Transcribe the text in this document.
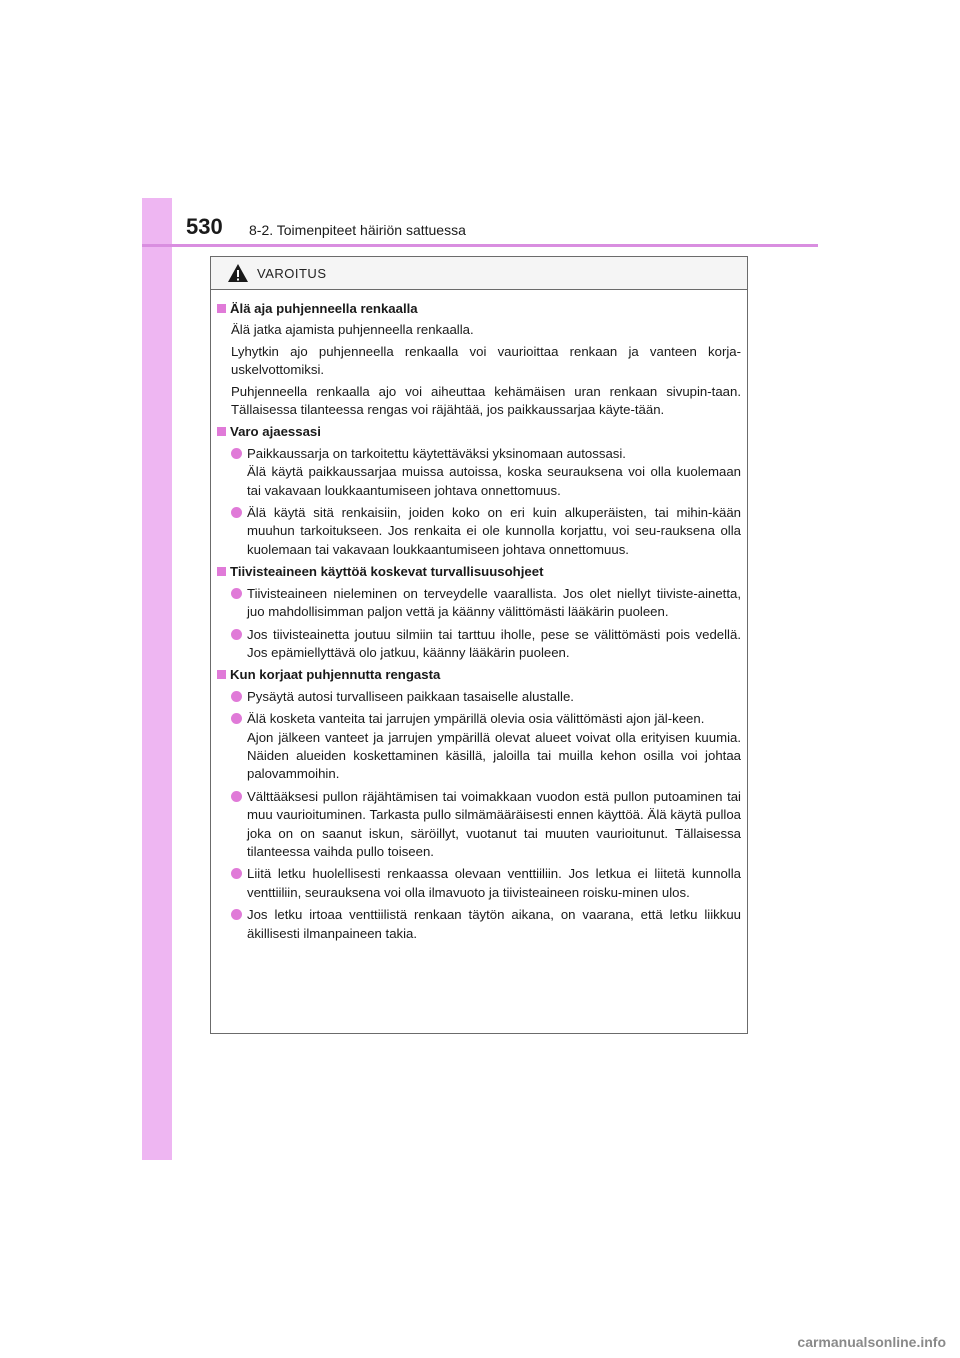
530 8-2. Toimenpiteet häiriön sattuessa
VAROITUS
Älä aja puhjenneella renkaalla

Älä jatka ajamista puhjenneella renkaalla.

Lyhytkin ajo puhjenneella renkaalla voi vaurioittaa renkaan ja vanteen korja-uskelvottomiksi.

Puhjenneella renkaalla ajo voi aiheuttaa kehämäisen uran renkaan sivupin-taan. Tällaisessa tilanteessa rengas voi räjähtää, jos paikkaussarjaa käyte-tään.

Varo ajaessasi

Paikkaussarja on tarkoitettu käytettäväksi yksinomaan autossasi.

Älä käytä paikkaussarjaa muissa autoissa, koska seurauksena voi olla kuolemaan tai vakavaan loukkaantumiseen johtava onnettomuus.

Älä käytä sitä renkaisiin, joiden koko on eri kuin alkuperäisten, tai mihin-kään muuhun tarkoitukseen. Jos renkaita ei ole kunnolla korjattu, voi seu-rauksena olla kuolemaan tai vakavaan loukkaantumiseen johtava onnettomuus.

Tiivisteaineen käyttöä koskevat turvallisuusohjeet

Tiivisteaineen nieleminen on terveydelle vaarallista. Jos olet niellyt tiiviste-ainetta, juo mahdollisimman paljon vettä ja käänny välittömästi lääkärin puoleen.

Jos tiivisteainetta joutuu silmiin tai tarttuu iholle, pese se välittömästi pois vedellä. Jos epämiellyttävä olo jatkuu, käänny lääkärin puoleen.

Kun korjaat puhjennutta rengasta

Pysäytä autosi turvalliseen paikkaan tasaiselle alustalle.

Älä kosketa vanteita tai jarrujen ympärillä olevia osia välittömästi ajon jäl-keen.

Ajon jälkeen vanteet ja jarrujen ympärillä olevat alueet voivat olla erityisen kuumia. Näiden alueiden koskettaminen käsillä, jaloilla tai muilla kehon osilla voi johtaa palovammoihin.

Välttääksesi pullon räjähtämisen tai voimakkaan vuodon estä pullon putoaminen tai muu vaurioituminen. Tarkasta pullo silmämääräisesti ennen käyttöä. Älä käytä pulloa joka on on saanut iskun, säröillyt, vuotanut tai muuten vaurioitunut. Tällaisessa tilanteessa vaihda pullo toiseen.

Liitä letku huolellisesti renkaassa olevaan venttiiliin. Jos letkua ei liitetä kunnolla venttiiliin, seurauksena voi olla ilmavuoto ja tiivisteaineen roisku-minen ulos.

Jos letku irtoaa venttiilistä renkaan täytön aikana, on vaarana, että letku liikkuu äkillisesti ilmanpaineen takia.

carmanualsonline.info
